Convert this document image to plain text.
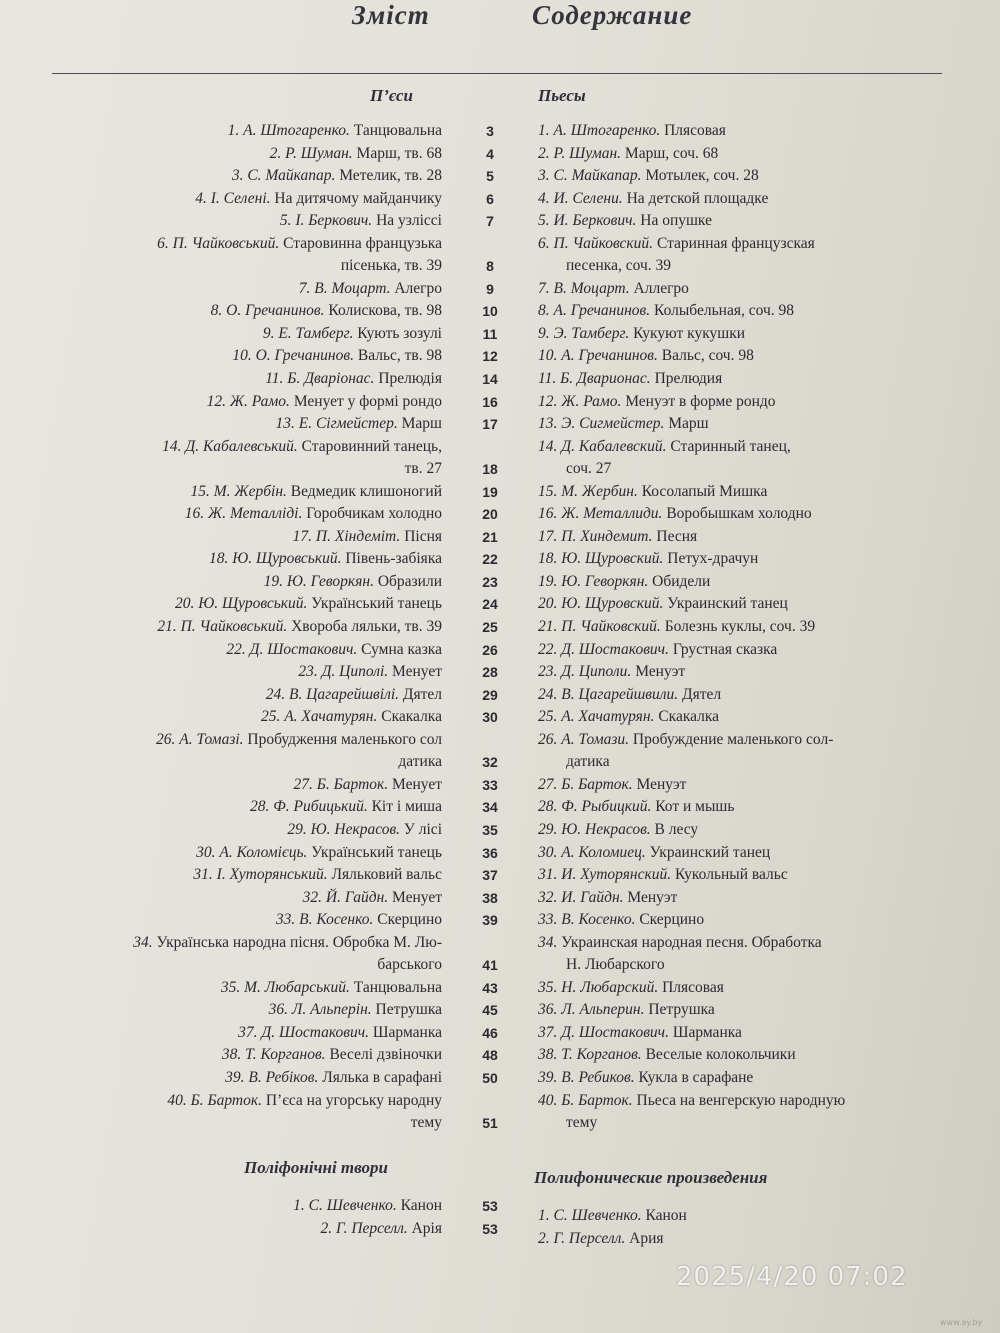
Зміст	Содержание
П’єси	Пьесы
1. А. Штогаренко. Танцювальна
2. Р. Шуман. Марш, тв. 68
3. С. Майкапар. Метелик, тв. 28
4. І. Селені. На дитячому майданчику
5. І. Беркович. На узліссі
6. П. Чайковський. Старовинна французька
пісенька, тв. 39
7. В. Моцарт. Алегро
8. О. Гречанинов. Колискова, тв. 98
9. Е. Тамберг. Кують зозулі
10. О. Гречанинов. Вальс, тв. 98
11. Б. Дваріонас. Прелюдія
12. Ж. Рамо. Менует у формі рондо
13. Е. Сігмейстер. Марш
14. Д. Кабалевський. Старовинний танець,
тв. 27
15. М. Жербін. Ведмедик клишоногий
16. Ж. Металліді. Горобчикам холодно
17. П. Хіндеміт. Пісня
18. Ю. Щуровський. Півень-забіяка
19. Ю. Геворкян. Образили
20. Ю. Щуровський. Український танець
21. П. Чайковський. Хвороба ляльки, тв. 39
22. Д. Шостакович. Сумна казка
23. Д. Циполі. Менует
24. В. Цагарейшвілі. Дятел
25. А. Хачатурян. Скакалка
26. А. Томазі. Пробудження маленького сол
датика
27. Б. Барток. Менует
28. Ф. Рибицький. Кіт і миша
29. Ю. Некрасов. У лісі
30. А. Коломієць. Український танець
31. І. Хуторянський. Ляльковий вальс
32. Й. Гайдн. Менует
33. В. Косенко. Скерцино
34. Українська народна пісня. Обробка М. Лю-
барського
35. М. Любарський. Танцювальна
36. Л. Альперін. Петрушка
37. Д. Шостакович. Шарманка
38. Т. Корганов. Веселі дзвіночки
39. В. Ребіков. Лялька в сарафані
40. Б. Барток. П’єса на угорську народну
тему
3
4
5
6
7
8
9
10
11
12
14
16
17
18
19
20
21
22
23
24
25
26
28
29
30
32
33
34
35
36
37
38
39
41
43
45
46
48
50
51
1. А. Штогаренко. Плясовая
2. Р. Шуман. Марш, соч. 68
3. С. Майкапар. Мотылек, соч. 28
4. И. Селени. На детской площадке
5. И. Беркович. На опушке
6. П. Чайковский. Старинная французская
песенка, соч. 39
7. В. Моцарт. Аллегро
8. А. Гречанинов. Колыбельная, соч. 98
9. Э. Тамберг. Кукуют кукушки
10. А. Гречанинов. Вальс, соч. 98
11. Б. Дварионас. Прелюдия
12. Ж. Рамо. Менуэт в форме рондо
13. Э. Сигмейстер. Марш
14. Д. Кабалевский. Старинный танец,
соч. 27
15. М. Жербин. Косолапый Мишка
16. Ж. Металлиди. Воробышкам холодно
17. П. Хиндемит. Песня
18. Ю. Щуровский. Петух-драчун
19. Ю. Геворкян. Обидели
20. Ю. Щуровский. Украинский танец
21. П. Чайковский. Болезнь куклы, соч. 39
22. Д. Шостакович. Грустная сказка
23. Д. Циполи. Менуэт
24. В. Цагарейшвили. Дятел
25. А. Хачатурян. Скакалка
26. А. Томази. Пробуждение маленького сол-
датика
27. Б. Барток. Менуэт
28. Ф. Рыбицкий. Кот и мышь
29. Ю. Некрасов. В лесу
30. А. Коломиец. Украинский танец
31. И. Хуторянский. Кукольный вальс
32. И. Гайдн. Менуэт
33. В. Косенко. Скерцино
34. Украинская народная песня. Обработка
Н. Любарского
35. Н. Любарский. Плясовая
36. Л. Альперин. Петрушка
37. Д. Шостакович. Шарманка
38. Т. Корганов. Веселые колокольчики
39. В. Ребиков. Кукла в сарафане
40. Б. Барток. Пьеса на венгерскую народную
тему
Поліфонічні твори
Полифонические произведения
1. С. Шевченко. Канон
2. Г. Перселл. Арія
53
53
1. С. Шевченко. Канон
2. Г. Перселл. Ария
2025/4/20 07:02
www.ay.by
